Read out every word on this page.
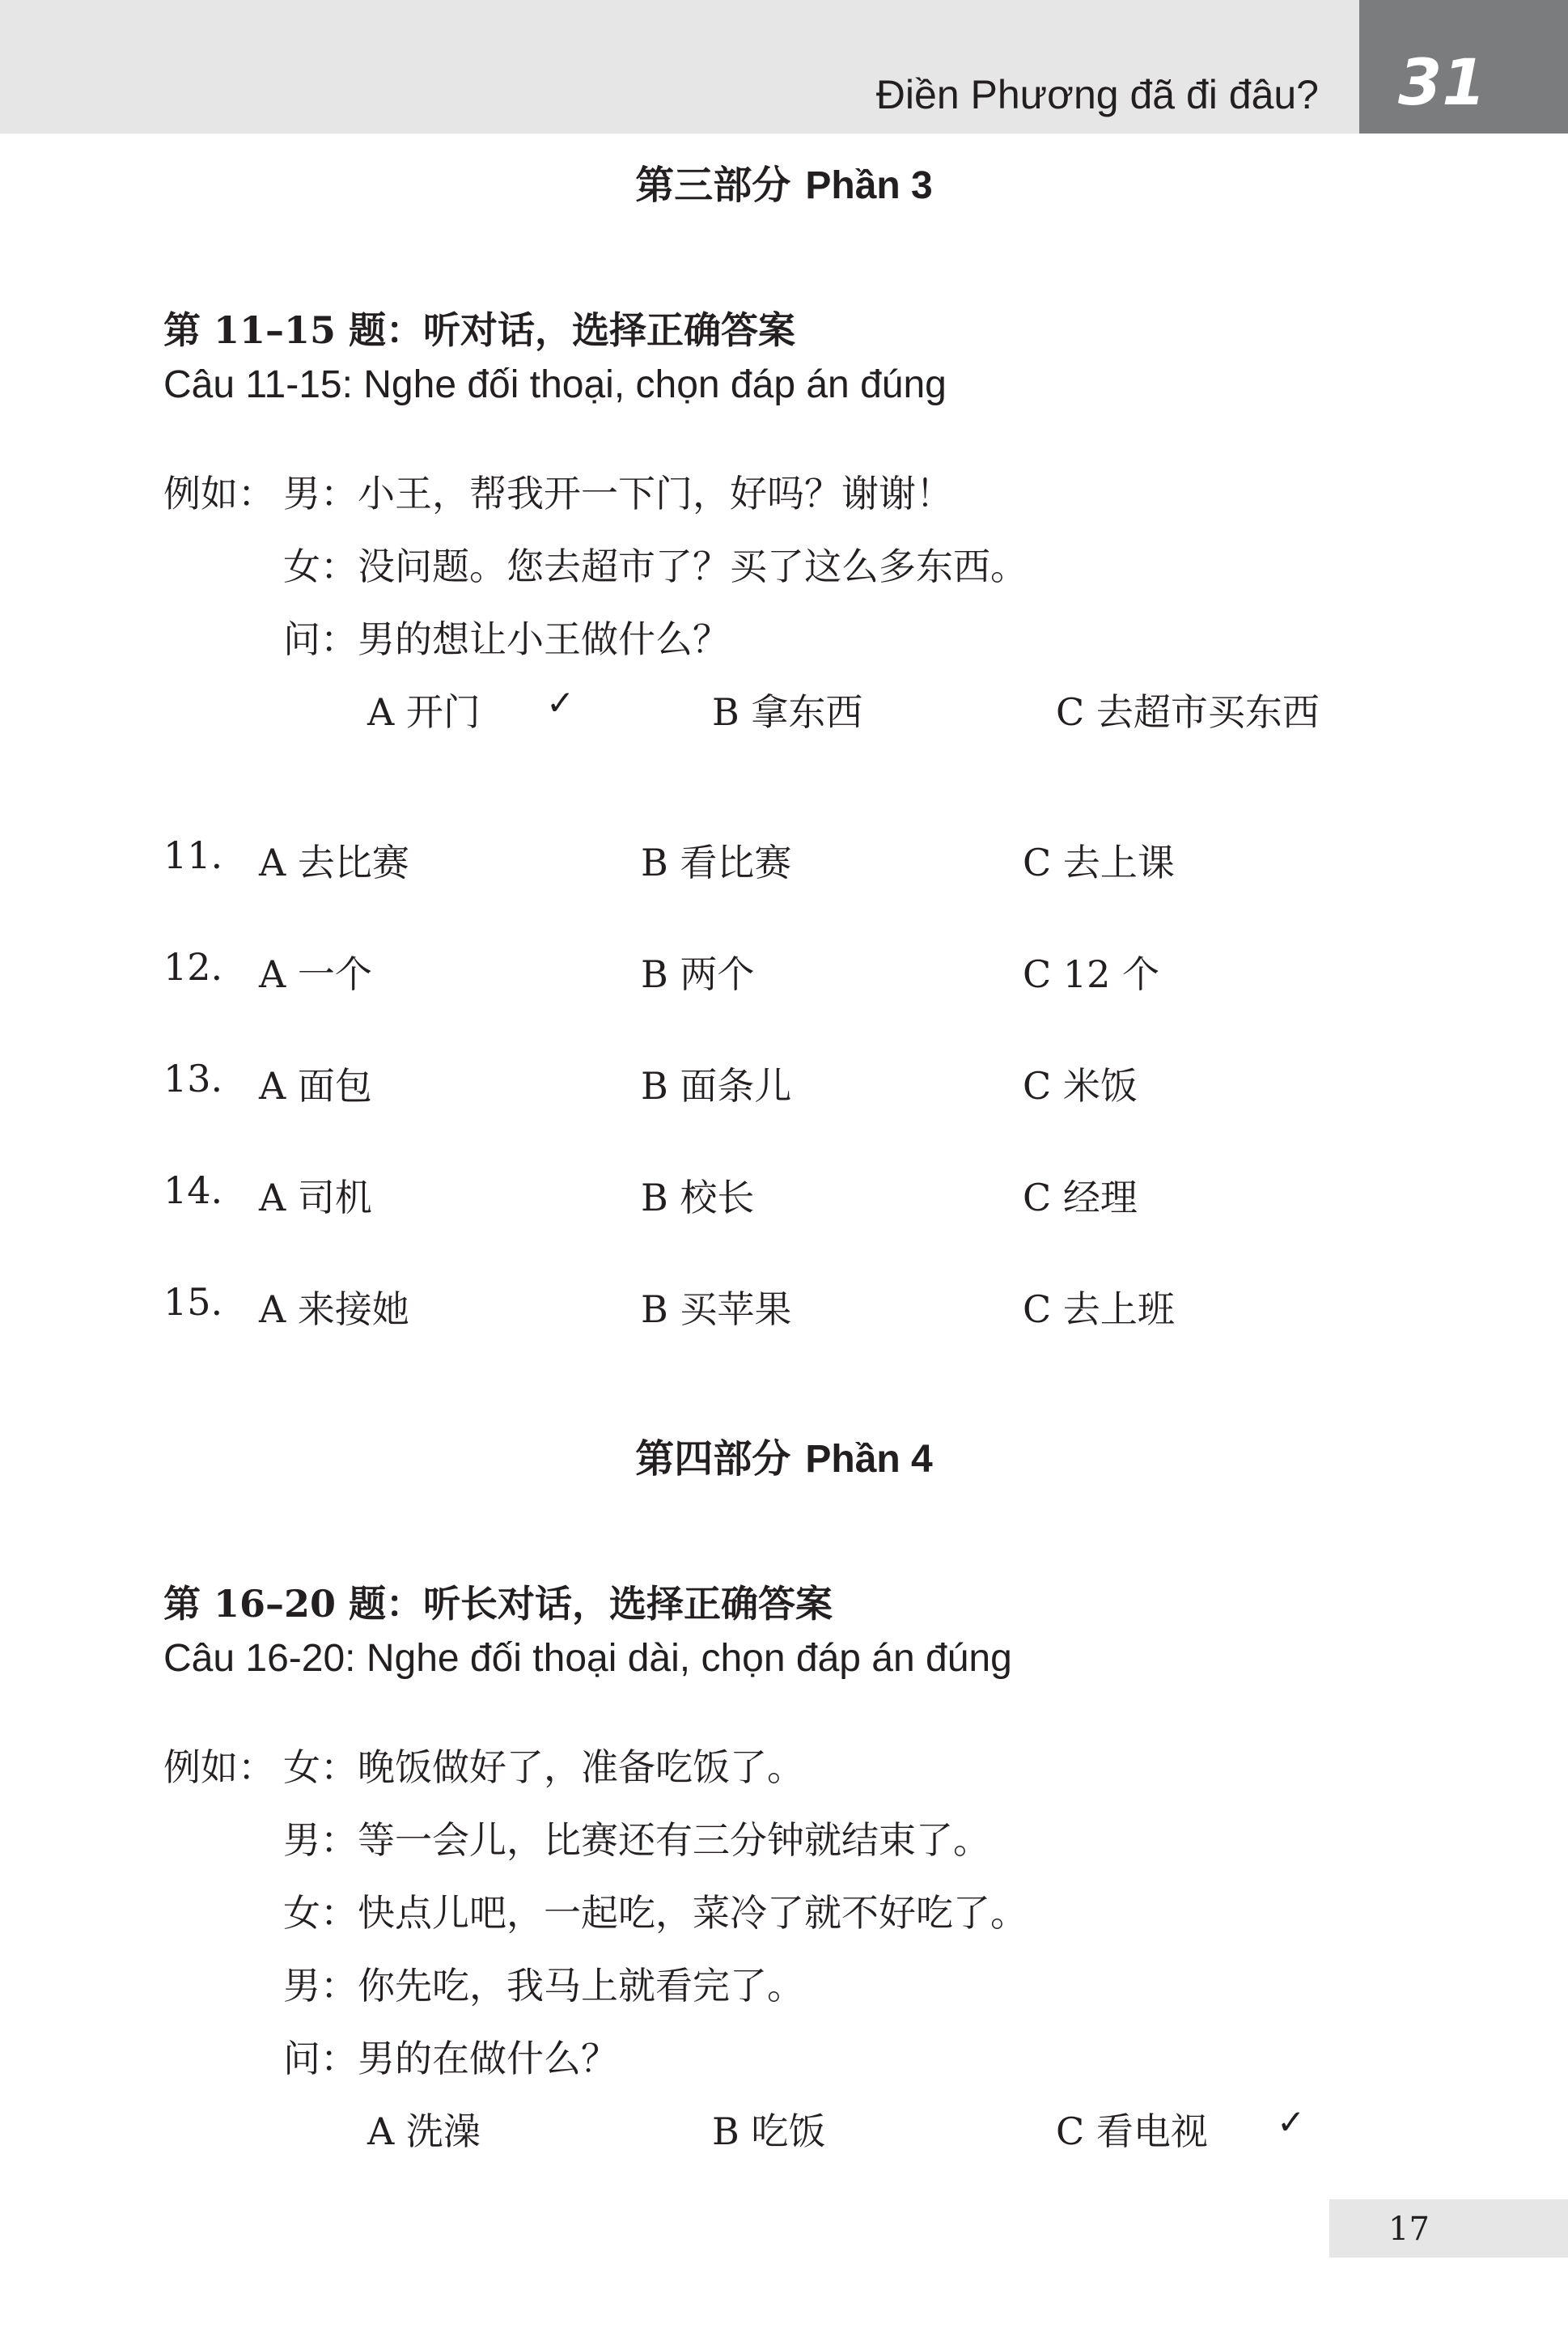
Điền Phương đã đi đâu? 31
第三部分 Phần 3
第 11–15 题：听对话，选择正确答案
Câu 11-15: Nghe đối thoại, chọn đáp án đúng
例如： 男：小王，帮我开一下门，好吗？谢谢！
女：没问题。您去超市了？买了这么多东西。
问：男的想让小王做什么？
A 开门 ✓	B 拿东西	C 去超市买东西
11. A 去比赛	B 看比赛	C 去上课
12. A 一个	B 两个	C 12 个
13. A 面包	B 面条儿	C 米饭
14. A 司机	B 校长	C 经理
15. A 来接她	B 买苹果	C 去上班
第四部分 Phần 4
第 16–20 题：听长对话，选择正确答案
Câu 16-20: Nghe đối thoại dài, chọn đáp án đúng
例如： 女：晚饭做好了，准备吃饭了。
男：等一会儿，比赛还有三分钟就结束了。
女：快点儿吧，一起吃，菜冷了就不好吃了。
男：你先吃，我马上就看完了。
问：男的在做什么？
A 洗澡	B 吃饭	C 看电视 ✓
17
